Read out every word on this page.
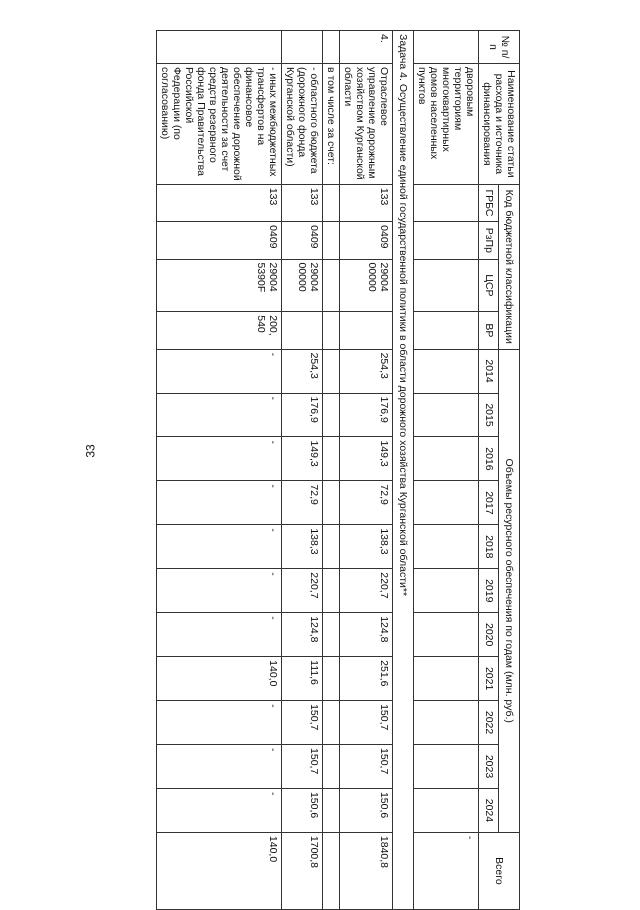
33
№ п/п	Наименование статьи расхода и источника финансирования	Код бюджетной классификации				Объемы ресурсного обеспечения по годам (млн. руб.)											Всего
		ГРБС	РзПр	ЦСР	ВР	2014	2015	2016	2017	2018	2019	2020	2021	2022	2023	2024	
	дворовым территориям многоквартирных домов населенных пунктов																-
Задача 4. Осуществление единой государственной политики в области дорожного хозяйства Курганской области**																	
4.	Отраслевое управление дорожным хозяйством Курганской области	133	0409	29004 00000		254,3	176,9	149,3	72,9	138,3	220,7	124,8	251,6	150,7	150,7	150,6	1840,8
	в том числе за счет:																
	- областного бюджета (дорожного фонда Курганской области)	133	0409	29004 00000		254,3	176,9	149,3	72,9	138,3	220,7	124,8	111,6	150,7	150,7	150,6	1700,8
	- иных межбюджетных трансфертов на финансовое обеспечение дорожной деятельности за счет средств резервного фонда Правительства Российской Федерации (по согласованию)	133	0409	29004 5390F	200, 540	-	-	-	-	-	-	-	140,0	-	-	-	140,0
